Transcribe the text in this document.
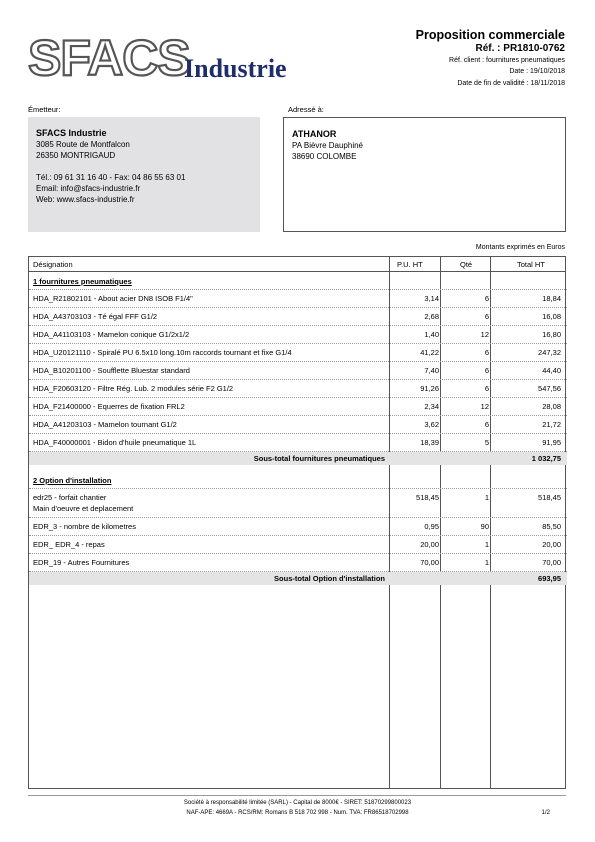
SFACS
Industrie
Proposition commerciale
Réf. : PR1810-0762
Réf. client : fournitures pneumatiques
Date : 19/10/2018
Date de fin de validité : 18/11/2018
Émetteur:	Adressé à:
SFACS Industrie
3085 Route de Montfalcon
26350 MONTRIGAUD
Tél.: 09 61 31 16 40 - Fax: 04 86 55 63 01
Email: info@sfacs-industrie.fr
Web: www.sfacs-industrie.fr
ATHANOR
PA Bièvre Dauphiné
38690 COLOMBE
Montants exprimés en Euros
Désignation	P.U. HT	Qté	Total HT
1 fournitures pneumatiques
HDA_R21802101 - About acier DN8 ISOB F1/4"	3,14	6	18,84
HDA_A43703103 - Té égal FFF G1/2	2,68	6	16,08
HDA_A41103103 - Mamelon conique G1/2x1/2	1,40	12	16,80
HDA_U20121110 - Spiralé PU 6.5x10 long.10m raccords tournant et fixe G1/4	41,22	6	247,32
HDA_B10201100 - Soufflette Bluestar standard	7,40	6	44,40
HDA_F20603120 - Filtre Rég. Lub. 2 modules série F2 G1/2	91,26	6	547,56
HDA_F21400000 - Equerres de fixation FRL2	2,34	12	28,08
HDA_A41203103 - Mamelon tournant G1/2	3,62	6	21,72
HDA_F40000001 - Bidon d'huile pneumatique 1L	18,39	5	91,95
Sous-total fournitures pneumatiques	1 032,75
2 Option d'installation
edr25 - forfait chantier
Main d'oeuvre et deplacement
518,45	1	518,45
EDR_3 - nombre de kilometres	0,95	90	85,50
EDR_ EDR_4 - repas	20,00	1	20,00
EDR_19 - Autres Fournitures	70,00	1	70,00
Sous-total Option d'installation	693,95
Société à responsabilité limitée (SARL) - Capital de 8000€ - SIRET: 51870299800023
NAF-APE: 4669A - RCS/RM: Romans B 518 702 998 - Num. TVA: FR86518702998	1/2
